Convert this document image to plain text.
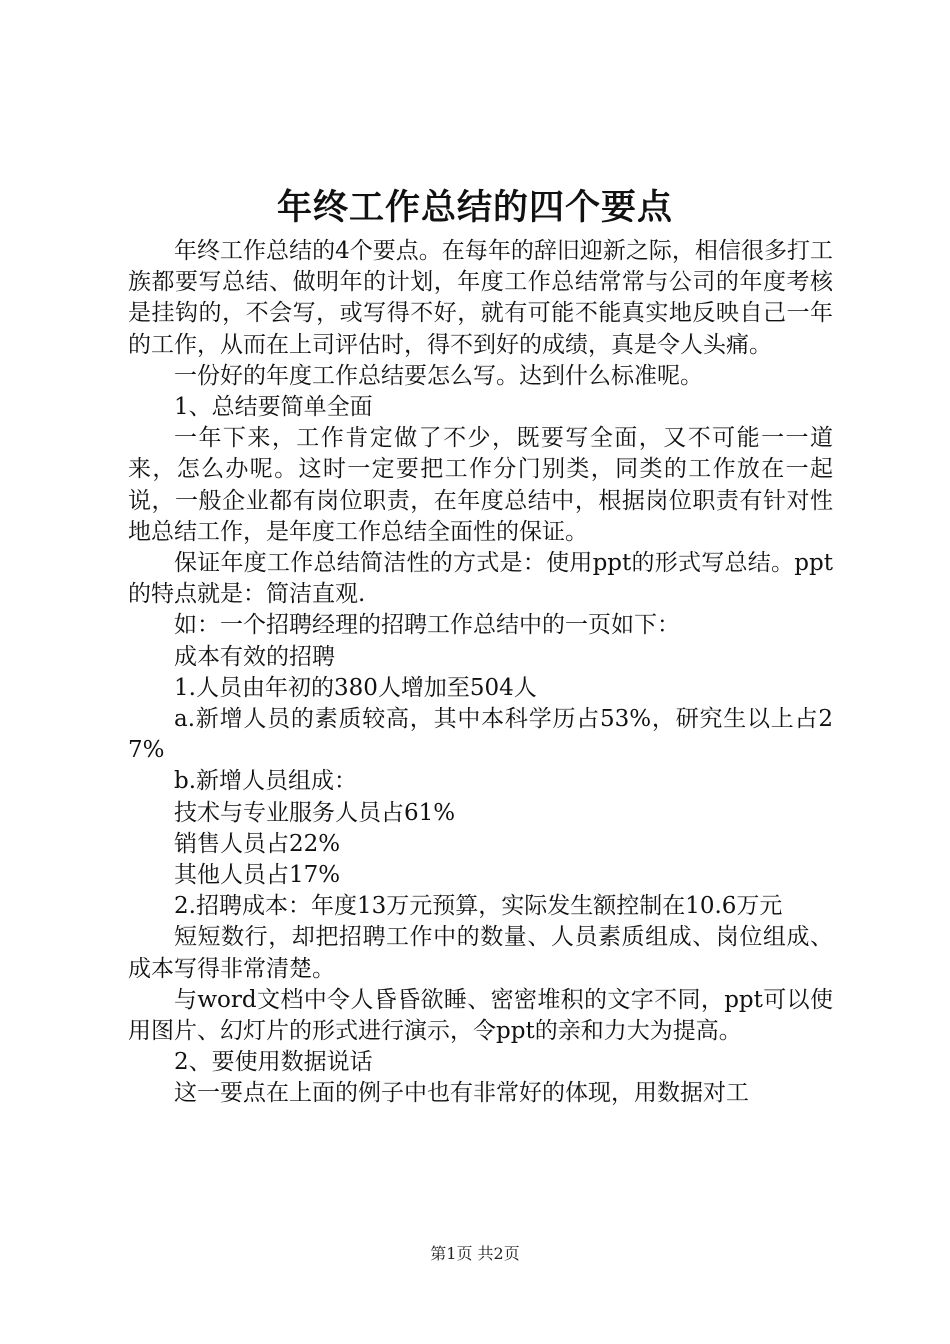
年终工作总结的四个要点

年终工作总结的4个要点。在每年的辞旧迎新之际，相信很多打工族都要写总结、做明年的计划，年度工作总结常常与公司的年度考核是挂钩的，不会写，或写得不好，就有可能不能真实地反映自己一年的工作，从而在上司评估时，得不到好的成绩，真是令人头痛。

一份好的年度工作总结要怎么写。达到什么标准呢。

1、总结要简单全面

一年下来，工作肯定做了不少，既要写全面，又不可能一一道来，怎么办呢。这时一定要把工作分门别类，同类的工作放在一起说，一般企业都有岗位职责，在年度总结中，根据岗位职责有针对性地总结工作，是年度工作总结全面性的保证。

保证年度工作总结简洁性的方式是：使用ppt的形式写总结。ppt的特点就是：简洁直观.

如：一个招聘经理的招聘工作总结中的一页如下：

成本有效的招聘

1.人员由年初的380人增加至504人

a.新增人员的素质较高，其中本科学历占53%，研究生以上占27%

b.新增人员组成：

技术与专业服务人员占61%

销售人员占22%

其他人员占17%

2.招聘成本：年度13万元预算，实际发生额控制在10.6万元

短短数行，却把招聘工作中的数量、人员素质组成、岗位组成、成本写得非常清楚。

与word文档中令人昏昏欲睡、密密堆积的文字不同，ppt可以使用图片、幻灯片的形式进行演示，令ppt的亲和力大为提高。

2、要使用数据说话

这一要点在上面的例子中也有非常好的体现，用数据对工

第1页 共2页
